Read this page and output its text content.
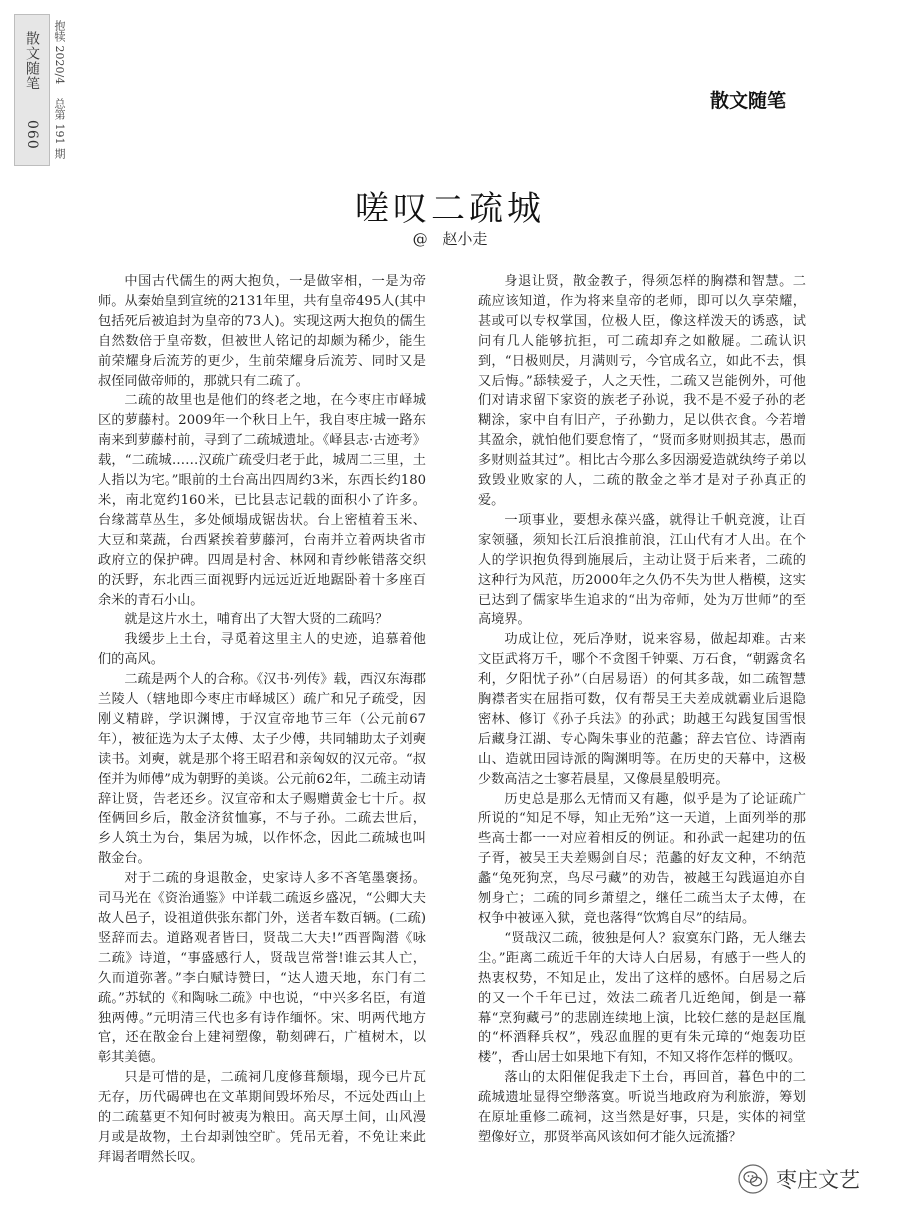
散文随笔 060
抱犊 2020/4 总第 191 期	散文随笔
嗟叹二疏城
@ 赵小走

中国古代儒生的两大抱负，一是做宰相，一是为帝师。从秦始皇到宣统的2131年里，共有皇帝495人(其中包括死后被追封为皇帝的73人)。实现这两大抱负的儒生自然数倍于皇帝数，但被世人铭记的却颇为稀少，能生前荣耀身后流芳的更少，生前荣耀身后流芳、同时又是叔侄同做帝师的，那就只有二疏了。

二疏的故里也是他们的终老之地，在今枣庄市峄城区的萝藤村。2009年一个秋日上午，我自枣庄城一路东南来到萝藤村前，寻到了二疏城遗址。《峄县志·古迹考》载，“二疏城……汉疏广疏受归老于此，城周二三里，土人指以为宅。”眼前的土台高出四周约3米，东西长约180米，南北宽约160米，已比县志记载的面积小了许多。台缘蒿草丛生，多处倾塌成锯齿状。台上密植着玉米、大豆和菜蔬，台西紧挨着萝藤河，台南并立着两块省市政府立的保护碑。四周是村舍、林网和青纱帐错落交织的沃野，东北西三面视野内远远近近地踞卧着十多座百余米的青石小山。

就是这片水土，哺育出了大智大贤的二疏吗？

我缓步上土台，寻觅着这里主人的史迹，追慕着他们的高风。

二疏是两个人的合称。《汉书·列传》载，西汉东海郡兰陵人（辖地即今枣庄市峄城区）疏广和兄子疏受，因刚义精辟，学识渊博，于汉宣帝地节三年（公元前67年），被征选为太子太傅、太子少傅，共同辅助太子刘奭读书。刘奭，就是那个将王昭君和亲匈奴的汉元帝。“叔侄并为师傅”成为朝野的美谈。公元前62年，二疏主动请辞让贤，告老还乡。汉宣帝和太子赐赠黄金七十斤。叔侄俩回乡后，散金济贫恤寡，不与子孙。二疏去世后，乡人筑土为台，集居为城，以作怀念，因此二疏城也叫散金台。

对于二疏的身退散金，史家诗人多不吝笔墨褒扬。司马光在《资治通鉴》中详载二疏返乡盛况，“公卿大夫故人邑子，设祖道供张东都门外，送者车数百辆。(二疏)竖辞而去。道路观者皆曰，贤哉二大夫!”西晋陶潜《咏二疏》诗道，“事盛感行人，贤哉岂常誉!谁云其人亡，久而道弥著。”李白赋诗赞曰，“达人遗天地，东门有二疏。”苏轼的《和陶咏二疏》中也说，“中兴多名臣，有道独两傅。”元明清三代也多有诗作缅怀。宋、明两代地方官，还在散金台上建祠塑像，勒刻碑石，广植树木，以彰其美德。

只是可惜的是，二疏祠几度修葺颓塌，现今已片瓦无存，历代碣碑也在文革期间毁坏殆尽，不远处西山上的二疏墓更不知何时被夷为粮田。高天厚土间，山风漫月或是故物，土台却剥蚀空旷。凭吊无着，不免让来此拜谒者喟然长叹。

身退让贤，散金教子，得须怎样的胸襟和智慧。二疏应该知道，作为将来皇帝的老师，即可以久享荣耀，甚或可以专权掌国，位极人臣，像这样泼天的诱惑，试问有几人能够抗拒，可二疏却弃之如敝屣。二疏认识到，“日极则昃，月满则亏，今官成名立，如此不去，惧又后悔。”舔犊爱子，人之天性，二疏又岂能例外，可他们对请求留下家资的族老子孙说，我不是不爱子孙的老糊涂，家中自有旧产，子孙勤力，足以供衣食。今若增其盈余，就怕他们要怠惰了，“贤而多财则损其志，愚而多财则益其过”。相比古今那么多因溺爱造就纨绔子弟以致毁业败家的人，二疏的散金之举才是对子孙真正的爱。

一项事业，要想永葆兴盛，就得让千帆竞渡，让百家领骚，须知长江后浪推前浪，江山代有才人出。在个人的学识抱负得到施展后，主动让贤于后来者，二疏的这种行为风范，历2000年之久仍不失为世人楷模，这实已达到了儒家毕生追求的“出为帝师，处为万世师”的至高境界。

功成让位，死后净财，说来容易，做起却难。古来文臣武将万千，哪个不贪图千钟粟、万石食，“朝露贪名利，夕阳忧子孙”（白居易语）的何其多哉，如二疏智慧胸襟者实在屈指可数，仅有帮吴王夫差成就霸业后退隐密林、修订《孙子兵法》的孙武；助越王勾践复国雪恨后藏身江湖、专心陶朱事业的范蠡；辞去官位、诗酒南山、造就田园诗派的陶渊明等。在历史的天幕中，这极少数高洁之士寥若晨星，又像晨星般明亮。

历史总是那么无情而又有趣，似乎是为了论证疏广所说的“知足不辱，知止无殆”这一天道，上面列举的那些高士都一一对应着相反的例证。和孙武一起建功的伍子胥，被吴王夫差赐剑自尽；范蠡的好友文种，不纳范蠡“兔死狗烹，鸟尽弓藏”的劝告，被越王勾践逼迫亦自刎身亡；二疏的同乡萧望之，继任二疏当太子太傅，在权争中被诬入狱，竟也落得“饮鸩自尽”的结局。

“贤哉汉二疏，彼独是何人？寂寞东门路，无人继去尘。”距离二疏近千年的大诗人白居易，有感于一些人的热衷权势，不知足止，发出了这样的感怀。白居易之后的又一个千年已过，效法二疏者几近绝闻，倒是一幕幕“烹狗藏弓”的悲剧连续地上演，比较仁慈的是赵匡胤的“杯酒释兵权”，残忍血腥的更有朱元璋的“炮轰功臣楼”，香山居士如果地下有知，不知又将作怎样的慨叹。

落山的太阳催促我走下土台，再回首，暮色中的二疏城遗址显得空缈落寞。听说当地政府为利旅游，筹划在原址重修二疏祠，这当然是好事，只是，实体的祠堂塑像好立，那贤举高风该如何才能久远流播？

枣庄文艺
